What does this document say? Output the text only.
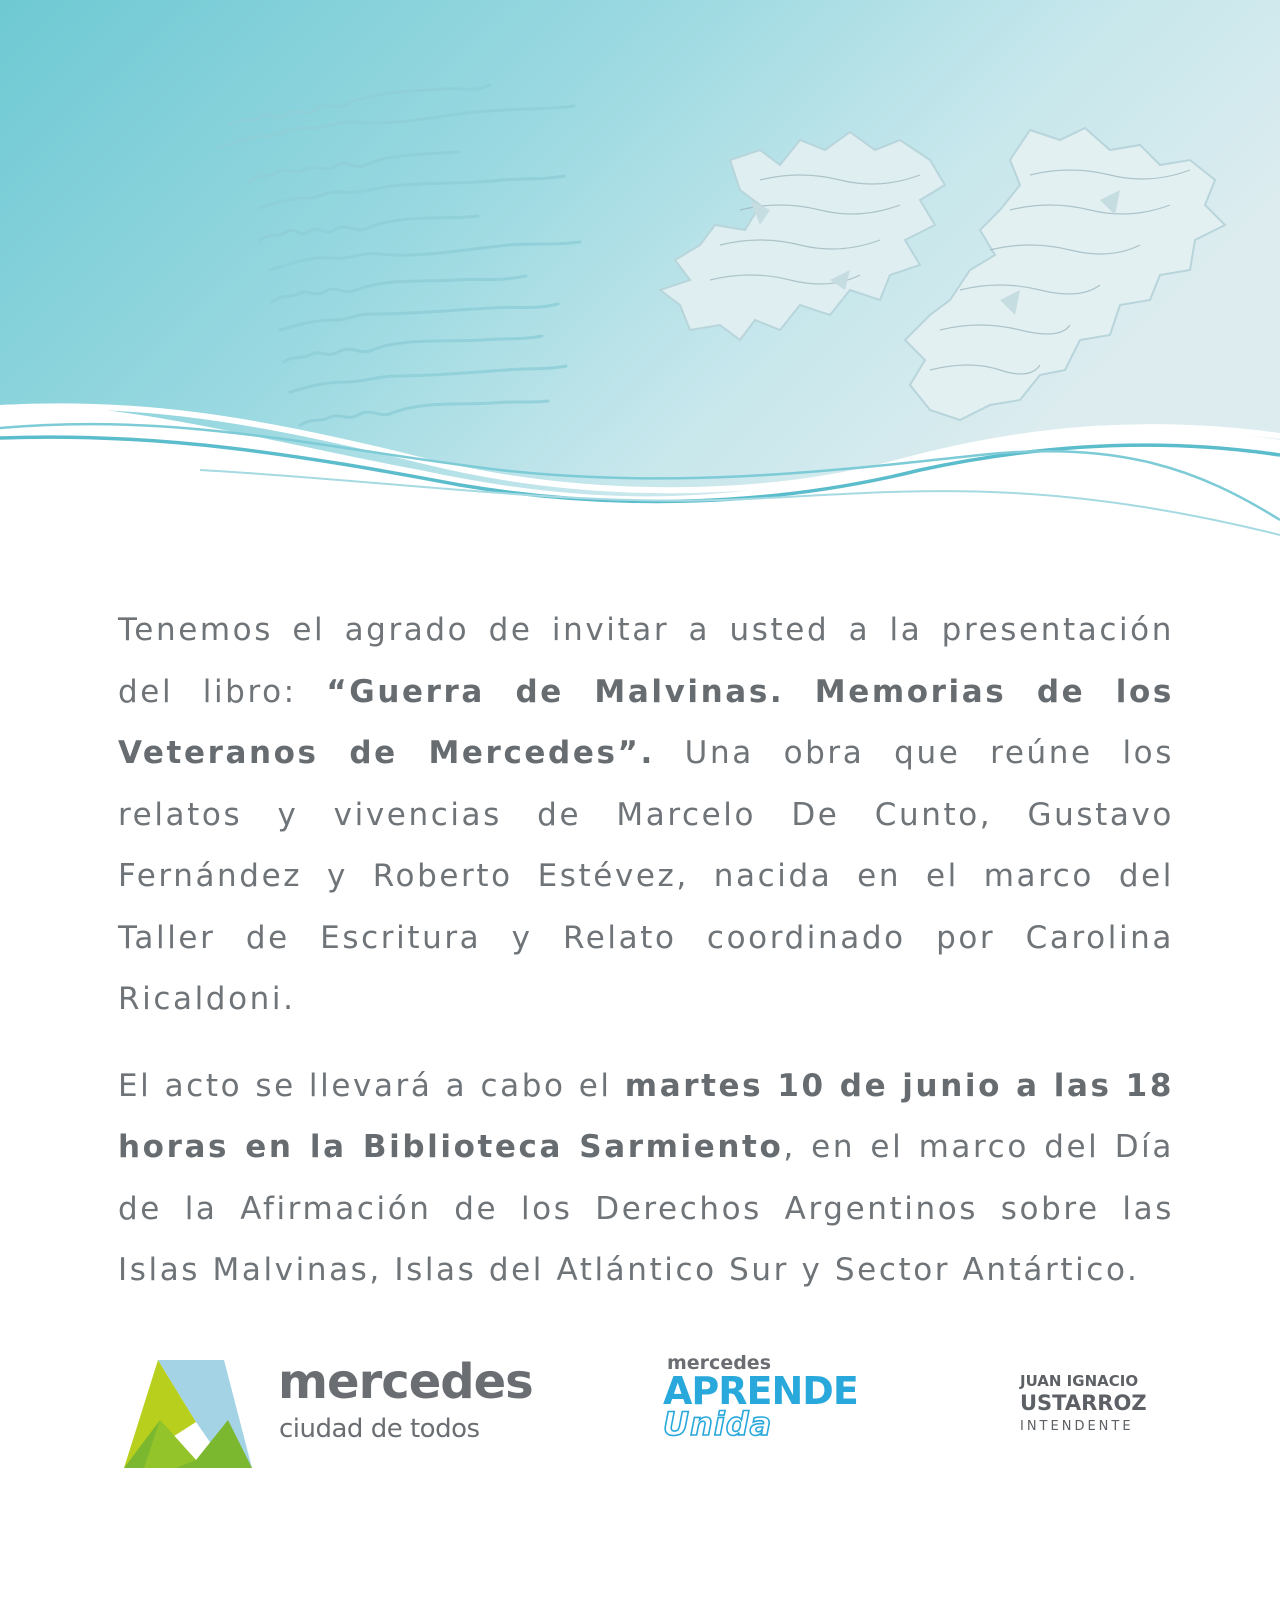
Tenemos el agrado de invitar a usted a la presentación del libro: “Guerra de Malvinas. Memorias de los Veteranos de Mercedes”. Una obra que reúne los relatos y vivencias de Marcelo De Cunto, Gustavo Fernández y Roberto Estévez, nacida en el marco del Taller de Escritura y Relato coordinado por Carolina Ricaldoni.

El acto se llevará a cabo el martes 10 de junio a las 18 horas en la Biblioteca Sarmiento, en el marco del Día de la Afirmación de los Derechos Argentinos sobre las Islas Malvinas, Islas del Atlántico Sur y Sector Antártico.

mercedes
ciudad de todos
mercedes
APRENDE
Unida
JUAN IGNACIO
USTARROZ
INTENDENTE
